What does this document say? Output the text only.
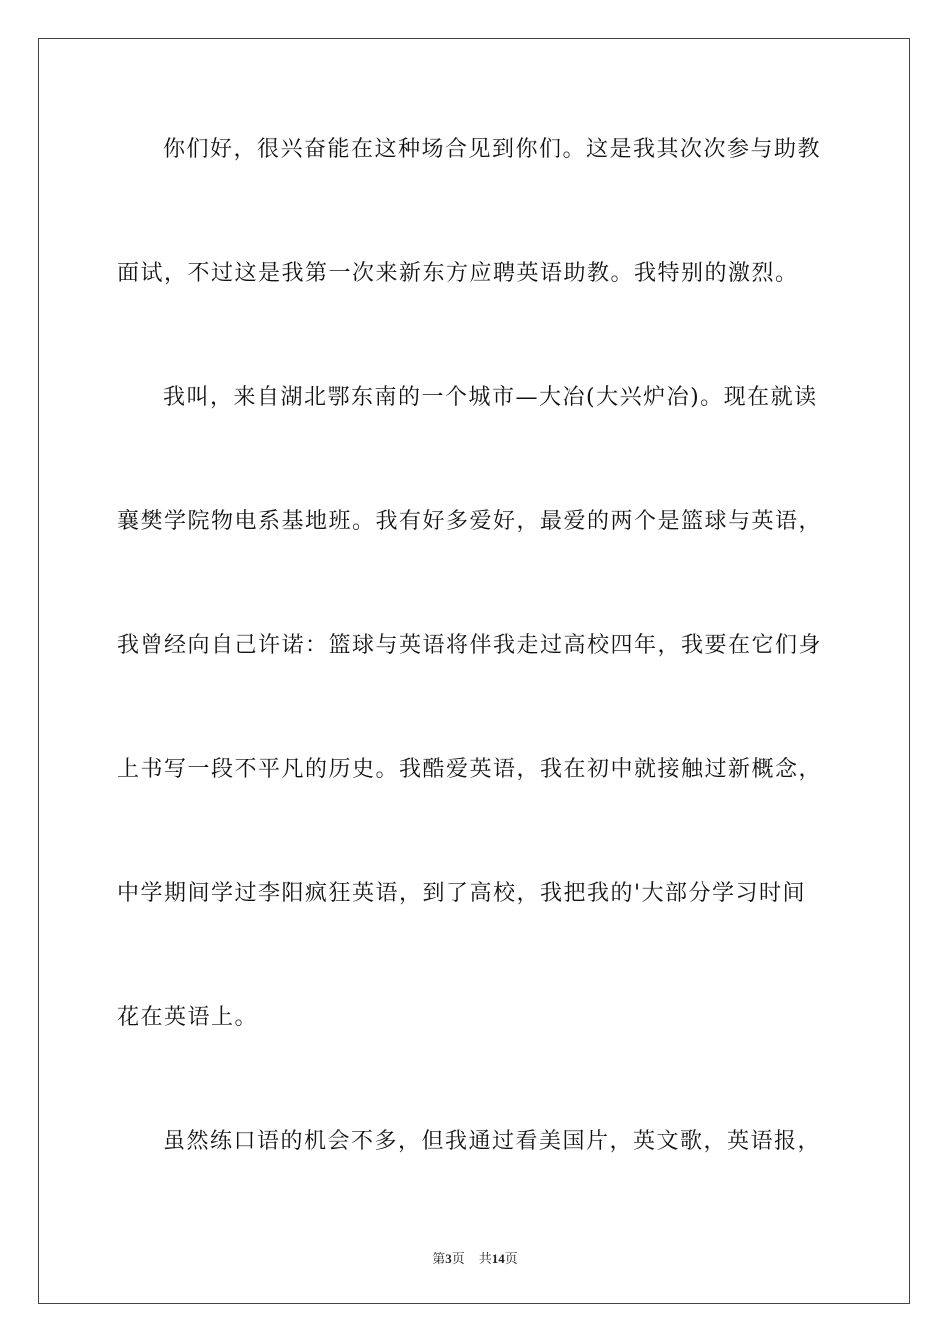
你们好，很兴奋能在这种场合见到你们。这是我其次次参与助教
面试，不过这是我第一次来新东方应聘英语助教。我特别的激烈。
我叫，来自湖北鄂东南的一个城市—大冶(大兴炉冶)。现在就读
襄樊学院物电系基地班。我有好多爱好，最爱的两个是篮球与英语，
我曾经向自己许诺：篮球与英语将伴我走过高校四年，我要在它们身
上书写一段不平凡的历史。我酷爱英语，我在初中就接触过新概念，
中学期间学过李阳疯狂英语，到了高校，我把我的'大部分学习时间
花在英语上。
虽然练口语的机会不多，但我通过看美国片，英文歌，英语报，
第3页 共14页
